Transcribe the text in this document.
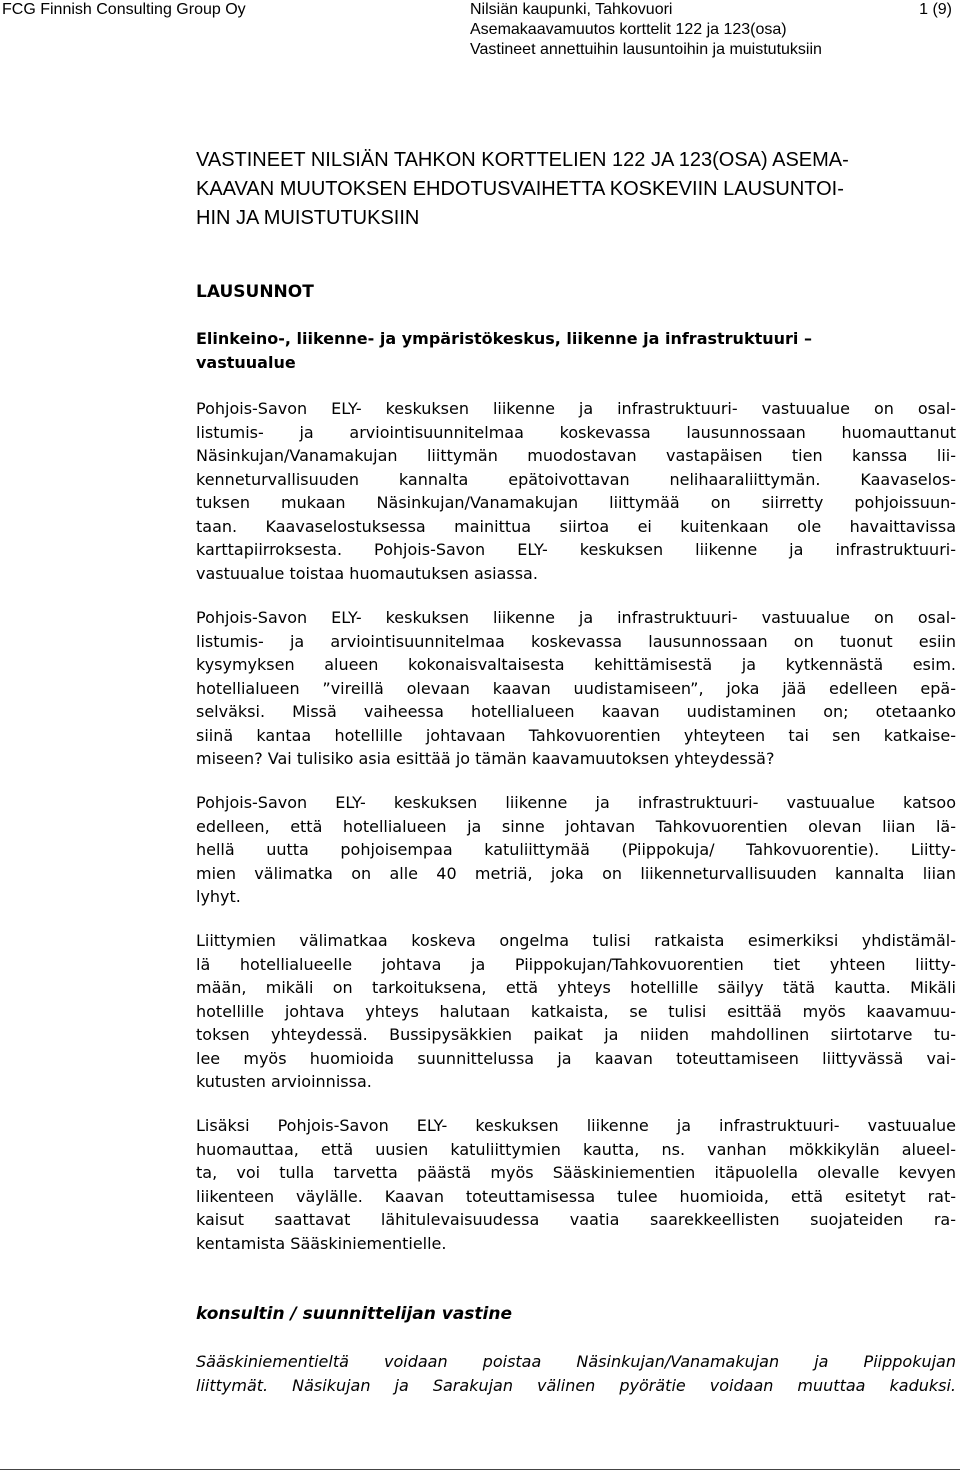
FCG Finnish Consulting Group Oy	Nilsiän kaupunki, Tahkovuori
Asemakaavamuutos korttelit 122 ja 123(osa)
Vastineet annettuihin lausuntoihin ja muistutuksiin
1 (9)
VASTINEET NILSIÄN TAHKON KORTTELIEN 122 JA 123(OSA) ASEMA-
KAAVAN MUUTOKSEN EHDOTUSVAIHETTA KOSKEVIIN LAUSUNTOI-
HIN JA MUISTUTUKSIIN
LAUSUNNOT
Elinkeino-, liikenne- ja ympäristökeskus, liikenne ja infrastruktuuri –
vastuualue
Pohjois-Savon ELY- keskuksen liikenne ja infrastruktuuri- vastuualue on osal-
listumis- ja arviointisuunnitelmaa koskevassa lausunnossaan huomauttanut
Näsinkujan/Vanamakujan liittymän muodostavan vastapäisen tien kanssa lii-
kenneturvallisuuden kannalta epätoivottavan nelihaaraliittymän. Kaavaselos-
tuksen mukaan Näsinkujan/Vanamakujan liittymää on siirretty pohjoissuun-
taan. Kaavaselostuksessa mainittua siirtoa ei kuitenkaan ole havaittavissa
karttapiirroksesta. Pohjois-Savon ELY- keskuksen liikenne ja infrastruktuuri-
vastuualue toistaa huomautuksen asiassa.
Pohjois-Savon ELY- keskuksen liikenne ja infrastruktuuri- vastuualue on osal-
listumis- ja arviointisuunnitelmaa koskevassa lausunnossaan on tuonut esiin
kysymyksen alueen kokonaisvaltaisesta kehittämisestä ja kytkennästä esim.
hotellialueen ”vireillä olevaan kaavan uudistamiseen”, joka jää edelleen epä-
selväksi. Missä vaiheessa hotellialueen kaavan uudistaminen on; otetaanko
siinä kantaa hotellille johtavaan Tahkovuorentien yhteyteen tai sen katkaise-
miseen? Vai tulisiko asia esittää jo tämän kaavamuutoksen yhteydessä?
Pohjois-Savon ELY- keskuksen liikenne ja infrastruktuuri- vastuualue katsoo
edelleen, että hotellialueen ja sinne johtavan Tahkovuorentien olevan liian lä-
hellä uutta pohjoisempaa katuliittymää (Piippokuja/ Tahkovuorentie). Liitty-
mien välimatka on alle 40 metriä, joka on liikenneturvallisuuden kannalta liian
lyhyt.
Liittymien välimatkaa koskeva ongelma tulisi ratkaista esimerkiksi yhdistämäl-
lä hotellialueelle johtava ja Piippokujan/Tahkovuorentien tiet yhteen liitty-
mään, mikäli on tarkoituksena, että yhteys hotellille säilyy tätä kautta. Mikäli
hotellille johtava yhteys halutaan katkaista, se tulisi esittää myös kaavamuu-
toksen yhteydessä. Bussipysäkkien paikat ja niiden mahdollinen siirtotarve tu-
lee myös huomioida suunnittelussa ja kaavan toteuttamiseen liittyvässä vai-
kutusten arvioinnissa.
Lisäksi Pohjois-Savon ELY- keskuksen liikenne ja infrastruktuuri- vastuualue
huomauttaa, että uusien katuliittymien kautta, ns. vanhan mökkikylän alueel-
ta, voi tulla tarvetta päästä myös Sääskiniementien itäpuolella olevalle kevyen
liikenteen väylälle. Kaavan toteuttamisessa tulee huomioida, että esitetyt rat-
kaisut saattavat lähitulevaisuudessa vaatia saarekkeellisten suojateiden ra-
kentamista Sääskiniementielle.
konsultin / suunnittelijan vastine
Sääskiniementieltä voidaan poistaa Näsinkujan/Vanamakujan ja Piippokujan
liittymät. Näsikujan ja Sarakujan välinen pyörätie voidaan muuttaa kaduksi.
